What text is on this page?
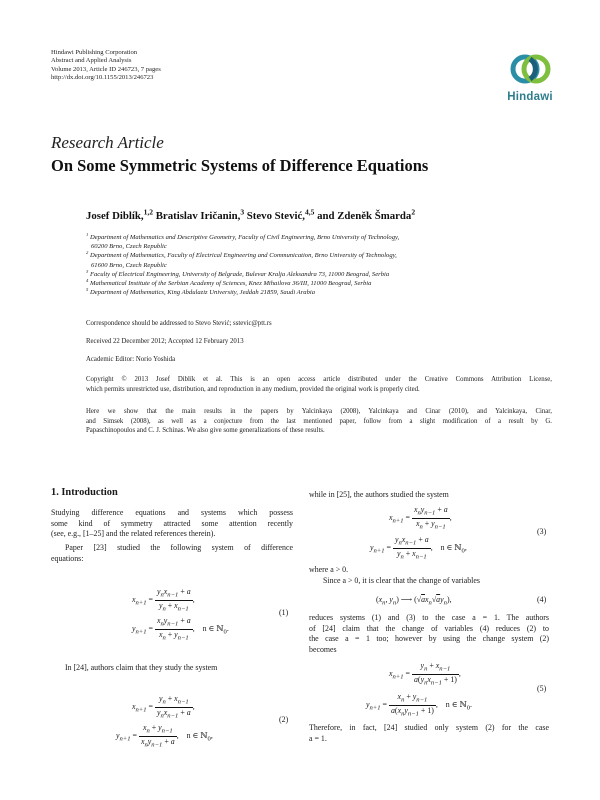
Hindawi Publishing Corporation
Abstract and Applied Analysis
Volume 2013, Article ID 246723, 7 pages
http://dx.doi.org/10.1155/2013/246723
Hindawi
Research Article
On Some Symmetric Systems of Difference Equations
Josef Diblík,$^{1,2}$ Bratislav Iričanin,$^3$ Stevo Stević,$^{4,5}$ and Zdeněk Šmarda$^2$
$^1$ Department of Mathematics and Descriptive Geometry, Faculty of Civil Engineering, Brno University of Technology,
60200 Brno, Czech Republic
$^2$ Department of Mathematics, Faculty of Electrical Engineering and Communication, Brno University of Technology,
61600 Brno, Czech Republic
$^3$ Faculty of Electrical Engineering, University of Belgrade, Bulevar Kralja Aleksandra 73, 11000 Beograd, Serbia
$^4$ Mathematical Institute of the Serbian Academy of Sciences, Knez Mihailova 36/III, 11000 Beograd, Serbia
$^5$ Department of Mathematics, King Abdulaziz University, Jeddah 21859, Saudi Arabia
Correspondence should be addressed to Stevo Stević; sstevic@ptt.rs
Received 22 December 2012; Accepted 12 February 2013
Academic Editor: Norio Yoshida
Copyright © 2013 Josef Diblík et al. This is an open access article distributed under the Creative Commons Attribution License,
which permits unrestricted use, distribution, and reproduction in any medium, provided the original work is properly cited.
Here we show that the main results in the papers by Yalcinkaya (2008), Yalcinkaya and Cinar (2010), and Yalcinkaya, Cinar,
and Simsek (2008), as well as a conjecture from the last mentioned paper, follow from a slight modification of a result by G.
Papaschinopoulos and C. J. Schinas. We also give some generalizations of these results.
1. Introduction
Studying difference equations and systems which possess
some kind of symmetry attracted some attention recently
(see, e.g., [1–25] and the related references therein).
Paper [23] studied the following system of difference
equations:
$x_{n+1} = \frac{y_nx_{n-1} + a}{y_n + x_{n-1}}$ ,
$y_{n+1} = \frac{x_ny_{n-1} + a}{x_n + y_{n-1}}$ ,    n ∈ ℕ$_0$.
(1)
In [24], authors claim that they study the system
$x_{n+1} = \frac{y_n + x_{n-1}}{y_nx_{n-1} + a}$ ,
$y_{n+1} = \frac{x_n + y_{n-1}}{x_ny_{n-1} + a}$ ,    n ∈ ℕ$_0$,
(2)
while in [25], the authors studied the system
$x_{n+1} = \frac{x_ny_{n-1} + a}{x_n + y_{n-1}}$ ,
$y_{n+1} = \frac{y_nx_{n-1} + a}{y_n + x_{n-1}}$ ,    n ∈ ℕ$_0$,
(3)
where a > 0.
Since a > 0, it is clear that the change of variables
($x_n$, $y_n$) ⟶ $(√ax_n√ay_n)$,	(4)
reduces systems (1) and (3) to the case a = 1. The authors
of [24] claim that the change of variables (4) reduces (2) to
the case a = 1 too; however by using the change system (2)
becomes
$x_{n+1} = \frac{y_n + x_{n-1}}{a(y_nx_{n-1} + 1)}$ ,
$y_{n+1} = \frac{x_n + y_{n-1}}{a(x_ny_{n-1} + 1)}$ ,    n ∈ ℕ$_0$.
(5)
Therefore, in fact, [24] studied only system (2) for the case
a = 1.
